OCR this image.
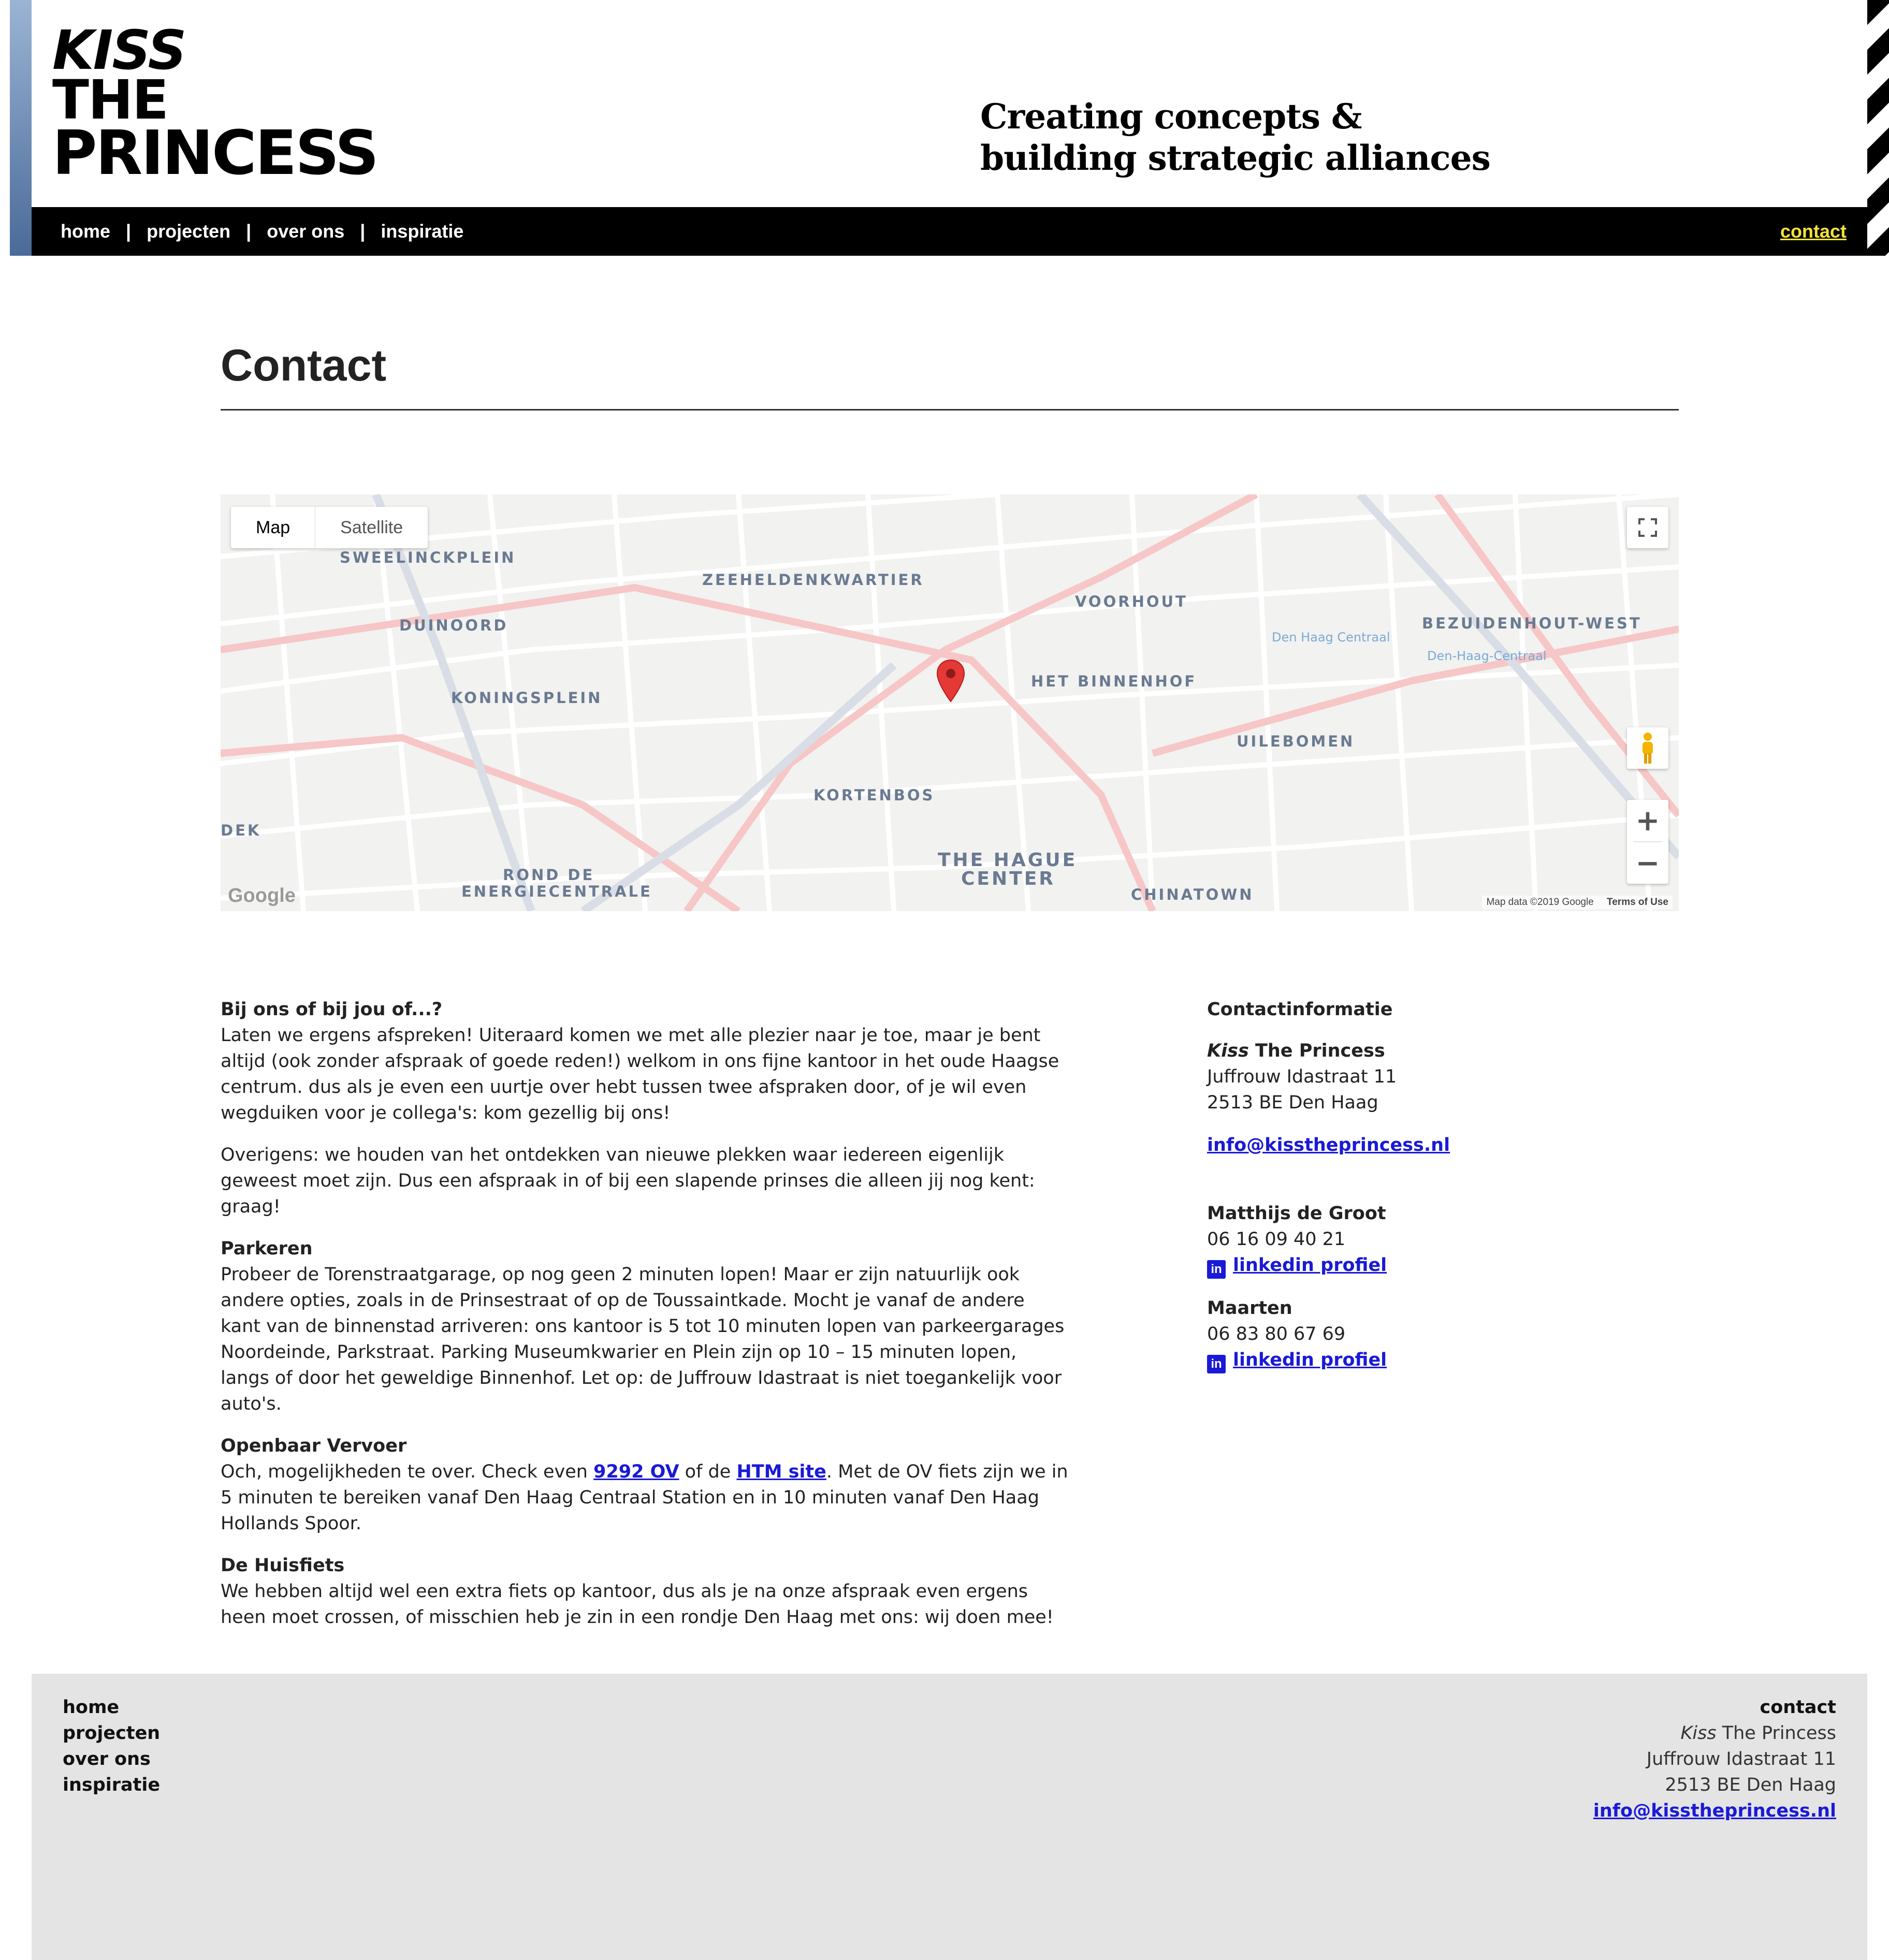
KISS
THE
PRINCESS
Creating concepts &
building strategic alliances
home | projecten | over ons | inspiratie	contact
Contact
SWEELINCKPLEIN
ZEEHELDENKWARTIER
VOORHOUT
DUINOORD	BEZUIDENHOUT-WEST
HET BINNENHOF
KONINGSPLEIN
UILEBOMEN
KORTENBOS
DEK
THE HAGUE
CENTER
ROND DE
ENERGIECENTRALE	CHINATOWN
Den Haag Centraal
Den-Haag-Centraal
Map	Satellite
+
−
Google	Map data ©2019 Google Terms of Use

Bij ons of bij jou of...?
Laten we ergens afspreken! Uiteraard komen we met alle plezier naar je toe, maar je bent altijd (ook zonder afspraak of goede reden!) welkom in ons fijne kantoor in het oude Haagse centrum. dus als je even een uurtje over hebt tussen twee afspraken door, of je wil even wegduiken voor je collega's: kom gezellig bij ons!

Overigens: we houden van het ontdekken van nieuwe plekken waar iedereen eigenlijk geweest moet zijn. Dus een afspraak in of bij een slapende prinses die alleen jij nog kent: graag!

Parkeren
Probeer de Torenstraatgarage, op nog geen 2 minuten lopen! Maar er zijn natuurlijk ook andere opties, zoals in de Prinsestraat of op de Toussaintkade. Mocht je vanaf de andere kant van de binnenstad arriveren: ons kantoor is 5 tot 10 minuten lopen van parkeergarages Noordeinde, Parkstraat. Parking Museumkwarier en Plein zijn op 10 – 15 minuten lopen, langs of door het geweldige Binnenhof. Let op: de Juffrouw Idastraat is niet toegankelijk voor auto's.

Openbaar Vervoer
Och, mogelijkheden te over. Check even 9292 OV of de HTM site. Met de OV fiets zijn we in 5 minuten te bereiken vanaf Den Haag Centraal Station en in 10 minuten vanaf Den Haag Hollands Spoor.

De Huisfiets
We hebben altijd wel een extra fiets op kantoor, dus als je na onze afspraak even ergens heen moet crossen, of misschien heb je zin in een rondje Den Haag met ons: wij doen mee!

Contactinformatie
Kiss The Princess
Juffrouw Idastraat 11
2513 BE Den Haag
info@kisstheprincess.nl
Matthijs de Groot
06 16 09 40 21
in linkedin profiel
Maarten
06 83 80 67 69
in linkedin profiel
home
projecten
over ons
inspiratie
contact
Kiss The Princess
Juffrouw Idastraat 11
2513 BE Den Haag
info@kisstheprincess.nl
